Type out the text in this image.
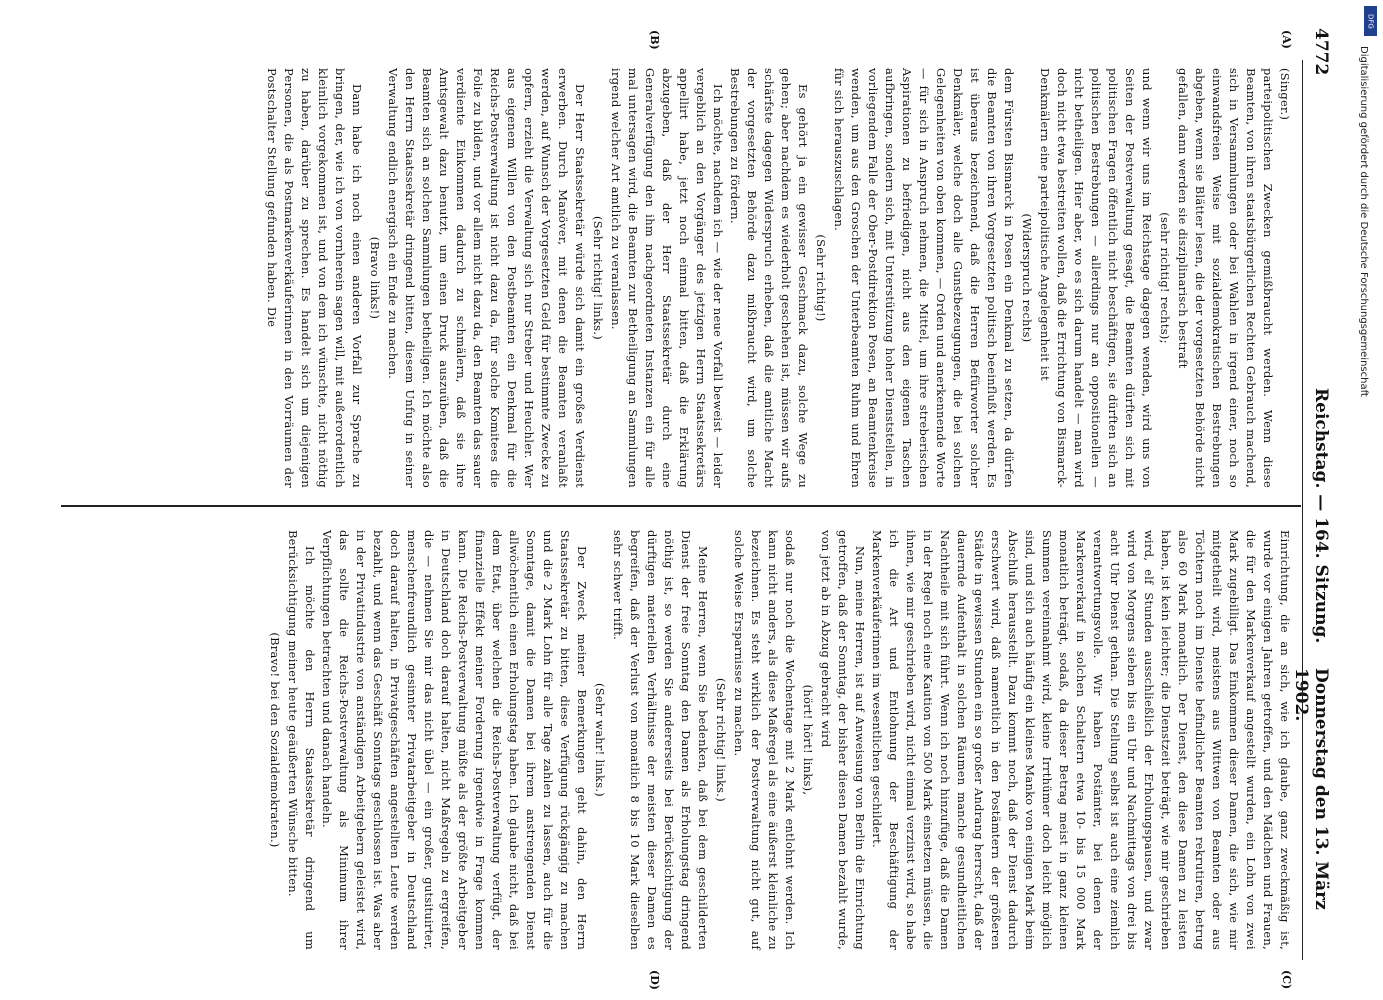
4772
Reichstag. — 164. Sitzung.
Donnerstag den 13. März 1902.
(A)
(B)
(C)
(D)

(Singer.)

parteipolitischen Zwecken gemißbraucht werden. Wenn diese Beamten, von ihren staatsbürgerlichen Rechten Gebrauch machend, sich in Versammlungen oder bei Wahlen in irgend einer, noch so einwandsfreien Weise mit sozialdemokratischen Bestrebungen abgeben, wenn sie Blätter lesen, die der vorgesetzten Behörde nicht gefallen, dann werden sie disziplinarisch bestraft

(sehr richtig! rechts);

und wenn wir uns im Reichstage dagegen wenden, wird uns von Seiten der Postverwaltung gesagt, die Beamten dürften sich mit politischen Fragen öffentlich nicht beschäftigen, sie dürften sich an politischen Bestrebungen — allerdings nur an oppositionellen — nicht betheiligen. Hier aber, wo es sich darum handelt — man wird doch nicht etwa bestreiten wollen, daß die Errichtung von Bismarck-Denkmälern eine parteipolitische Angelegenheit ist

(Widerspruch rechts)

dem Fürsten Bismarck in Posen ein Denkmal zu setzen, da dürfen die Beamten von ihren Vorgesetzten politisch beeinflußt werden. Es ist überaus bezeichnend, daß die Herren Befürworter solcher Denkmäler, welche doch alle Gunstbezeugungen, die bei solchen Gelegenheiten von oben kommen, — Orden und anerkennende Worte — für sich in Anspruch nehmen, die Mittel, um ihre streberischen Aspirationen zu befriedigen, nicht aus den eigenen Taschen aufbringen, sondern sich, mit Unterstützung hoher Dienststellen, in vorliegendem Falle der Ober-Postdirektion Posen, an Beamtenkreise wenden, um aus den Groschen der Unterbeamten Ruhm und Ehren für sich herauszuschlagen.

(Sehr richtig!)

Es gehört ja ein gewisser Geschmack dazu, solche Wege zu gehen; aber nachdem es wiederholt geschehen ist, müssen wir aufs schärfste dagegen Widerspruch erheben, daß die amtliche Macht der vorgesetzten Behörde dazu mißbraucht wird, um solche Bestrebungen zu fördern.

Ich möchte, nachdem ich — wie der neue Vorfall beweist — leider vergeblich an den Vorgänger des jetzigen Herrn Staatssekretärs appellirt habe, jetzt noch einmal bitten, daß die Erklärung abzugeben, daß der Herr Staatssekretär durch eine Generalverfügung den ihm nachgeordneten Instanzen ein für alle mal untersagen wird, die Beamten zur Betheiligung an Sammlungen irgend welcher Art amtlich zu veranlassen.

(Sehr richtig! links.)

Der Herr Staatssekretär würde sich damit ein großes Verdienst erwerben. Durch Manöver, mit denen die Beamten veranlaßt werden, auf Wunsch der Vorgesetzten Geld für bestimmte Zwecke zu opfern, erzieht die Verwaltung sich nur Streber und Heuchler. Wer aus eigenem Willen von den Postbeamten ein Denkmal für die Reichs-Postverwaltung ist nicht dazu da, für solche Komitees die Folie zu bilden, und vor allem nicht dazu da, den Beamten das sauer verdiente Einkommen dadurch zu schmälern, daß sie ihre Amtsgewalt dazu benutzt, um einen Druck auszuüben, daß die Beamten sich an solchen Sammlungen betheiligen. Ich möchte also den Herrn Staatssekretär dringend bitten, diesem Unfug in seiner Verwaltung endlich energisch ein Ende zu machen.

(Bravo links!)

Dann habe ich noch einen anderen Vorfall zur Sprache zu bringen, der, wie ich von vornherein sagen will, mit außerordentlich kleinlich vorgekommen ist, und von dem ich wünschte, nicht nöthig zu haben, darüber zu sprechen. Es handelt sich um diejenigen Personen, die als Postmarkenverkäuferinnen in den Vorräumen der Postschalter Stellung gefunden haben. Die

Einrichtung, die an sich, wie ich glaube, ganz zweckmäßig ist, wurde vor einigen Jahren getroffen, und den Mädchen und Frauen, die für den Markenverkauf angestellt wurden, ein Lohn von zwei Mark zugebilligt. Das Einkommen dieser Damen, die sich, wie mir mitgetheilt wird, meistens aus Wittwen von Beamten oder aus Töchtern noch im Dienste befindlicher Beamten rekrutiren, betrug also 60 Mark monatlich. Der Dienst, den diese Damen zu leisten haben, ist kein leichter; die Dienstzeit beträgt, wie mir geschrieben wird, elf Stunden ausschließlich der Erholungspausen, und zwar wird von Morgens sieben bis ein Uhr und Nachmittags von drei bis acht Uhr Dienst gethan. Die Stellung selbst ist auch eine ziemlich verantwortungsvolle. Wir haben Postämter, bei denen der Markenverkauf in solchen Schaltern etwa 10- bis 15 000 Mark monatlich beträgt, sodaß, da dieser Betrag meist in ganz kleinen Summen vereinnahmt wird, kleine Irrthümer doch leicht möglich sind, und sich auch häufig ein kleines Manko von einigen Mark beim Abschluß herausstellt. Dazu kommt noch, daß der Dienst dadurch erschwert wird, daß namentlich in den Postämtern der größeren Städte in gewissen Stunden ein so großer Andrang herrscht, daß der dauernde Aufenthalt in solchen Räumen manche gesundheitlichen Nachtheile mit sich führt. Wenn ich noch hinzufüge, daß die Damen in der Regel noch eine Kaution von 500 Mark einsetzen müssen, die ihnen, wie mir geschrieben wird, nicht einmal verzinst wird, so habe ich die Art und Entlohnung der Beschäftigung der Markenverkäuferinnen im wesentlichen geschildert.

Nun, meine Herren, ist auf Anweisung von Berlin die Einrichtung getroffen, daß der Sonntag, der bisher diesen Damen bezahlt wurde, von jetzt ab in Abzug gebracht wird

(hört! hört! links),

sodaß nur noch die Wochentage mit 2 Mark entlohnt werden. Ich kann nicht anders, als diese Maßregel als eine äußerst kleinliche zu bezeichnen. Es steht wirklich der Postverwaltung nicht gut, auf solche Weise Ersparnisse zu machen.

(Sehr richtig! links.)

Meine Herren, wenn Sie bedenken, daß bei dem geschilderten Dienst der freie Sonntag den Damen als Erholungstag dringend nöthig ist, so werden Sie andererseits bei Berücksichtigung der dürftigen materiellen Verhältnisse der meisten dieser Damen es begreifen, daß der Verlust von monatlich 8 bis 10 Mark dieselben sehr schwer trifft.

(Sehr wahr! links.)

Der Zweck meiner Bemerkungen geht dahin, den Herrn Staatssekretär zu bitten, diese Verfügung rückgängig zu machen und die 2 Mark Lohn für alle Tage zahlen zu lassen, auch für die Sonntage, damit die Damen bei ihrem anstrengenden Dienst allwöchentlich einen Erholungstag haben. Ich glaube nicht, daß bei dem Etat, über welchen die Reichs-Postverwaltung verfügt, der finanzielle Effekt meiner Forderung irgendwie in Frage kommen kann. Die Reichs-Postverwaltung müßte als der größte Arbeitgeber in Deutschland doch darauf halten, nicht Maßregeln zu ergreifen, die — nehmen Sie mir das nicht übel — ein großer, gutsituirter, menschenfreundlich gesinnter Privatarbeitgeber in Deutschland doch darauf halten, in Privatgeschäften angestellten Leute werden bezahlt, und wenn das Geschäft Sonntags geschlossen ist. Was aber in der Privatindustrie von anständigen Arbeitgebern geleistet wird, das sollte die Reichs-Postverwaltung als Minimum ihrer Verpflichtungen betrachten und danach handeln.

Ich möchte den Herrn Staatssekretär dringend um Berücksichtigung meiner heute geäußerten Wünsche bitten.

(Bravo! bei den Sozialdemokraten.)

DFG
Digitalisierung gefördert durch die Deutsche Forschungsgemeinschaft
